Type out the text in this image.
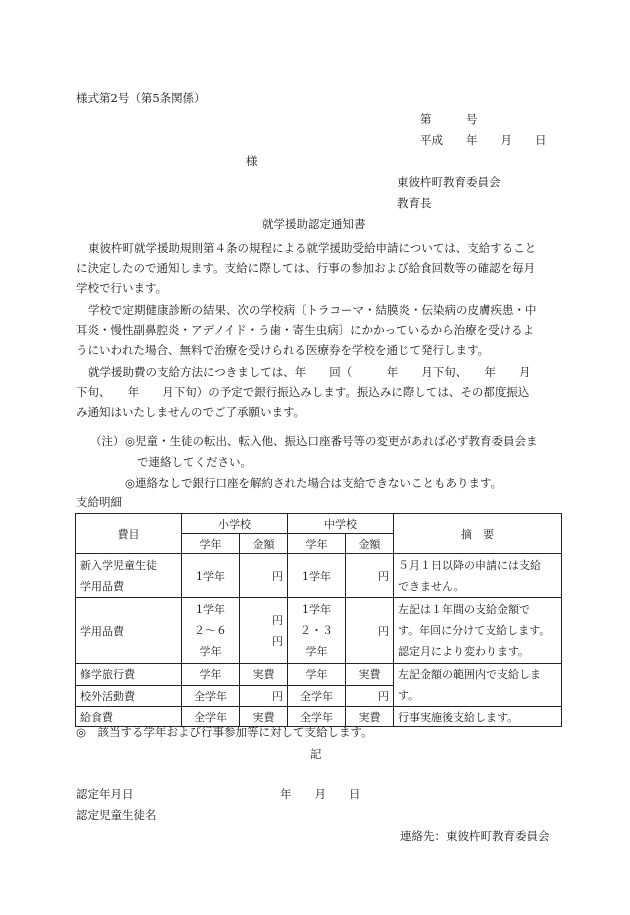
様式第2号（第5条関係）
第　　　号
平成　　年　　月　　日
様
東彼杵町教育委員会
教育長
就学援助認定通知書
東彼杵町就学援助規則第４条の規程による就学援助受給申請については、支給すること
に決定したので通知します。支給に際しては、行事の参加および給食回数等の確認を毎月
学校で行います。
学校で定期健康診断の結果、次の学校病〔トラコーマ・結膜炎・伝染病の皮膚疾患・中
耳炎・慢性副鼻腔炎・アデノイド・う歯・寄生虫病〕にかかっているから治療を受けるよ
うにいわれた場合、無料で治療を受けられる医療券を学校を通じて発行します。
就学援助費の支給方法につきましては、年　　回（　　　年　　月下旬、　　年　　月
下旬、　　年　　月下旬）の予定で銀行振込みします。振込みに際しては、その都度振込
み通知はいたしませんのでご了承願います。
（注） ◎児童・生徒の転出、転入他、振込口座番号等の変更があれば必ず教育委員会ま
で連絡してください。
◎連絡なしで銀行口座を解約された場合は支給できないこともあります。
支給明細
費目	小学校		中学校		摘　要
	学年	金額	学年	金額	

新入学児童生徒
学用品費	1学年	円	1学年	円	５月１日以降の申請には支給
できません。

学用品費	1学年
２～６
学年	円
円	1学年
２・３
学年	円	左記は１年間の支給金額で
す。年回に分けて支給します。
認定月により変わります。

修学旅行費	学年	実費	学年	実費	左記金額の範囲内で支給しま
す。

校外活動費	全学年	円	全学年	円	
給食費	全学年	実費	全学年	実費	行事実施後支給します。
◎　該当する学年および行事参加等に対して支給します。
記
認定年月日	年　　月　　日
認定児童生徒名
連絡先：東彼杵町教育委員会
